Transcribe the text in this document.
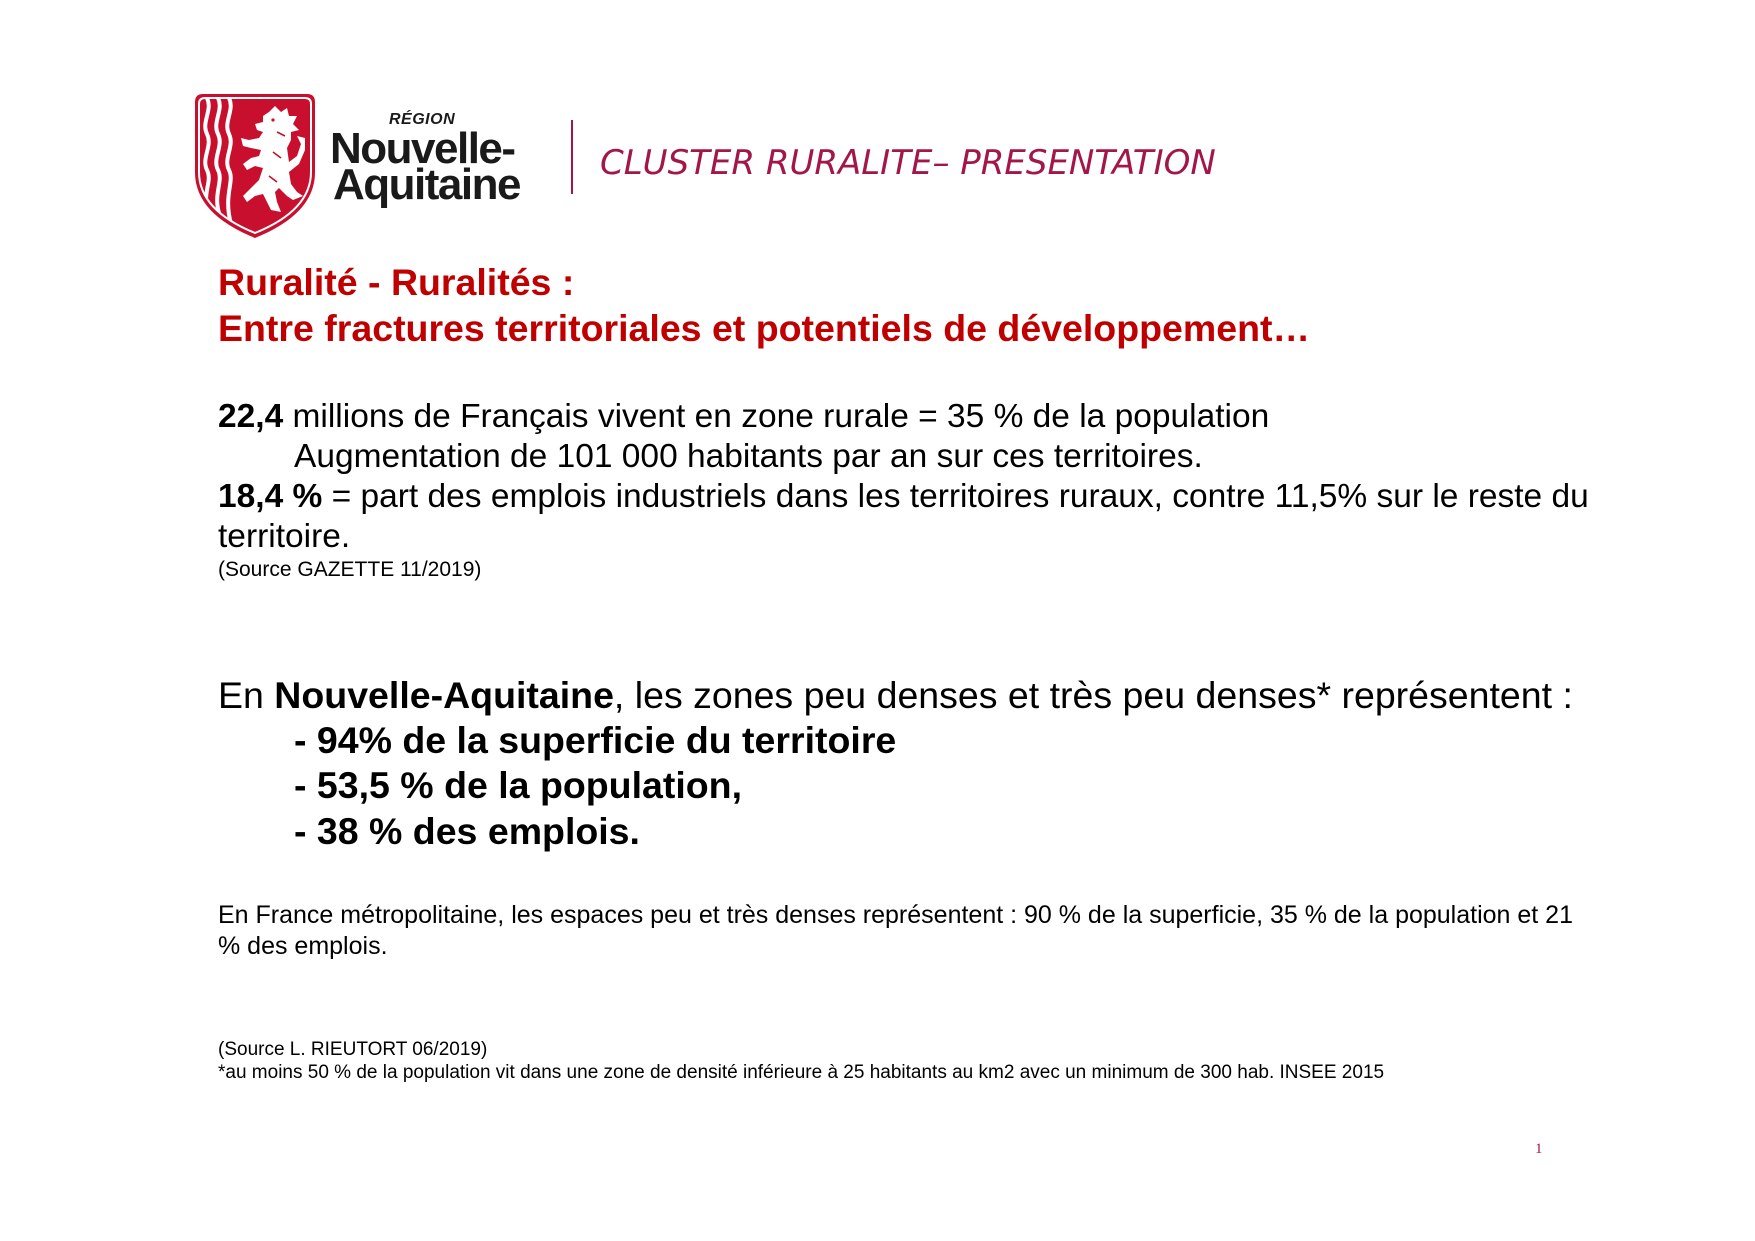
RÉGION
Nouvelle-
Aquitaine CLUSTER RURALITE– PRESENTATION
Ruralité - Ruralités :
Entre fractures territoriales et potentiels de développement…
22,4 millions de Français vivent en zone rurale = 35 % de la population
Augmentation de 101 000 habitants par an sur ces territoires.
18,4 % = part des emplois industriels dans les territoires ruraux, contre 11,5% sur le reste du
territoire.
(Source GAZETTE 11/2019)
En Nouvelle-Aquitaine, les zones peu denses et très peu denses* représentent :
- 94% de la superficie du territoire
- 53,5 % de la population,
- 38 % des emplois.
En France métropolitaine, les espaces peu et très denses représentent : 90 % de la superficie, 35 % de la population et 21
% des emplois.
(Source L. RIEUTORT 06/2019)
*au moins 50 % de la population vit dans une zone de densité inférieure à 25 habitants au km2 avec un minimum de 300 hab. INSEE 2015
1
